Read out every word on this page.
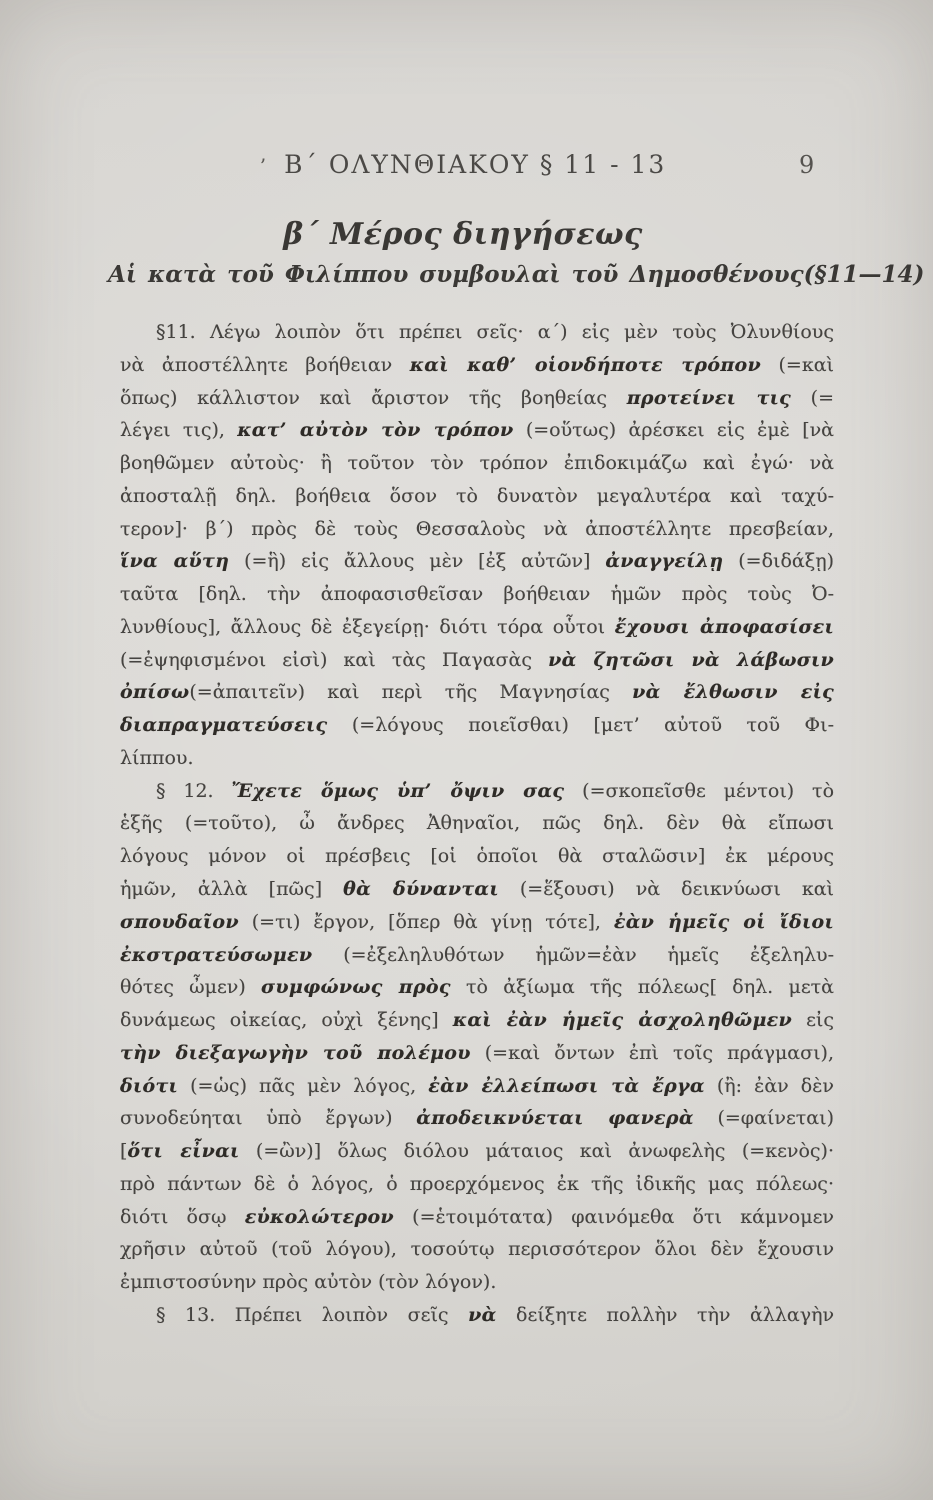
’ Β´ ΟΛΥΝΘΙΑΚΟΥ § 11 - 13	9
β´ Μέρος διηγήσεως
Αἱ κατὰ τοῦ Φιλίππου συμβουλαὶ τοῦ Δημοσθένους(§11—14)
§11. Λέγω λοιπὸν ὅτι πρέπει σεῖς· α´) εἰς μὲν τοὺς Ὀλυνθίους
νὰ ἀποστέλλητε βοήθειαν καὶ καθ’ οἱονδήποτε τρόπον (=καὶ
ὅπως) κάλλιστον καὶ ἄριστον τῆς βοηθείας προτείνει τις (=
λέγει τις), κατ’ αὐτὸν τὸν τρόπον (=οὕτως) ἀρέσκει εἰς ἐμὲ [νὰ
βοηθῶμεν αὐτοὺς· ἢ τοῦτον τὸν τρόπον ἐπιδοκιμάζω καὶ ἐγώ· νὰ
ἀποσταλῇ δηλ. βοήθεια ὅσον τὸ δυνατὸν μεγαλυτέρα καὶ ταχύ-
τερον]· β´) πρὸς δὲ τοὺς Θεσσαλοὺς νὰ ἀποστέλλητε πρεσβείαν,
ἵνα αὕτη (=ἣ) εἰς ἄλλους μὲν [ἐξ αὐτῶν] ἀναγγείλῃ (=διδάξῃ)
ταῦτα [δηλ. τὴν ἀποφασισθεῖσαν βοήθειαν ἡμῶν πρὸς τοὺς Ὀ-
λυνθίους], ἄλλους δὲ ἐξεγείρῃ· διότι τόρα οὗτοι ἔχουσι ἀποφασίσει
(=ἐψηφισμένοι εἰσὶ) καὶ τὰς Παγασὰς νὰ ζητῶσι νὰ λάβωσιν
ὀπίσω(=ἀπαιτεῖν) καὶ περὶ τῆς Μαγνησίας νὰ ἔλθωσιν εἰς
διαπραγματεύσεις (=λόγους ποιεῖσθαι) [μετ’ αὐτοῦ τοῦ Φι-
λίππου.
§ 12. Ἔχετε ὅμως ὑπ’ ὄψιν σας (=σκοπεῖσθε μέντοι) τὸ
ἑξῆς (=τοῦτο), ὦ ἄνδρες Ἀθηναῖοι, πῶς δηλ. δὲν θὰ εἴπωσι
λόγους μόνον οἱ πρέσβεις [οἱ ὁποῖοι θὰ σταλῶσιν] ἐκ μέρους
ἡμῶν, ἀλλὰ [πῶς] θὰ δύνανται (=ἕξουσι) νὰ δεικνύωσι καὶ
σπουδαῖον (=τι) ἔργον, [ὅπερ θὰ γίνῃ τότε], ἐὰν ἡμεῖς οἱ ἴδιοι
ἐκστρατεύσωμεν (=ἐξεληλυθότων ἡμῶν=ἐὰν ἡμεῖς ἐξεληλυ-
θότες ὦμεν) συμφώνως πρὸς τὸ ἀξίωμα τῆς πόλεως[ δηλ. μετὰ
δυνάμεως οἰκείας, οὐχὶ ξένης] καὶ ἐὰν ἡμεῖς ἀσχοληθῶμεν εἰς
τὴν διεξαγωγὴν τοῦ πολέμου (=καὶ ὄντων ἐπὶ τοῖς πράγμασι),
διότι (=ὡς) πᾶς μὲν λόγος, ἐὰν ἐλλείπωσι τὰ ἔργα (ἢ: ἐὰν δὲν
συνοδεύηται ὑπὸ ἔργων) ἀποδεικνύεται φανερὰ (=φαίνεται)
[ὅτι εἶναι (=ὢν)] ὅλως διόλου μάταιος καὶ ἀνωφελὴς (=κενὸς)·
πρὸ πάντων δὲ ὁ λόγος, ὁ προερχόμενος ἐκ τῆς ἰδικῆς μας πόλεως·
διότι ὅσῳ εὐκολώτερον (=ἑτοιμότατα) φαινόμεθα ὅτι κάμνομεν
χρῆσιν αὐτοῦ (τοῦ λόγου), τοσούτῳ περισσότερον ὅλοι δὲν ἔχουσιν
ἐμπιστοσύνην πρὸς αὐτὸν (τὸν λόγον).
§ 13. Πρέπει λοιπὸν σεῖς νὰ δείξητε πολλὴν τὴν ἀλλαγὴν
